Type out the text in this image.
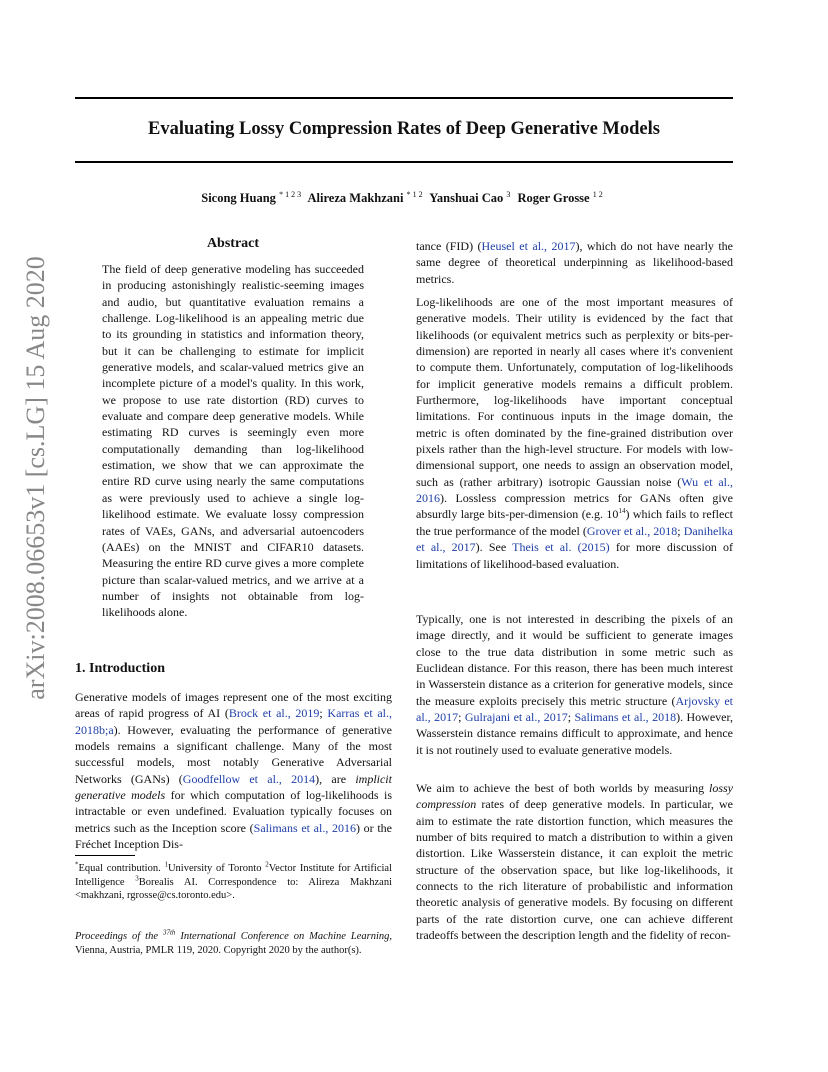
Evaluating Lossy Compression Rates of Deep Generative Models
Sicong Huang $^{* 1 2 3}$ Alireza Makhzani $^{* 1 2}$ Yanshuai Cao $^3$ Roger Grosse $^{1 2}$
arXiv:2008.06653v1 [cs.LG] 15 Aug 2020
Abstract

The field of deep generative modeling has succeeded in producing astonishingly realistic-seeming images and audio, but quantitative evaluation remains a challenge. Log-likelihood is an appealing metric due to its grounding in statistics and information theory, but it can be challenging to estimate for implicit generative models, and scalar-valued metrics give an incomplete picture of a model's quality. In this work, we propose to use rate distortion (RD) curves to evaluate and compare deep generative models. While estimating RD curves is seemingly even more computationally demanding than log-likelihood estimation, we show that we can approximate the entire RD curve using nearly the same computations as were previously used to achieve a single log-likelihood estimate. We evaluate lossy compression rates of VAEs, GANs, and adversarial autoencoders (AAEs) on the MNIST and CIFAR10 datasets. Measuring the entire RD curve gives a more complete picture than scalar-valued metrics, and we arrive at a number of insights not obtainable from log-likelihoods alone.

1. Introduction

Generative models of images represent one of the most exciting areas of rapid progress of AI (Brock et al., 2019; Karras et al., 2018b;a). However, evaluating the performance of generative models remains a significant challenge. Many of the most successful models, most notably Generative Adversarial Networks (GANs) (Goodfellow et al., 2014), are implicit generative models for which computation of log-likelihoods is intractable or even undefined. Evaluation typically focuses on metrics such as the Inception score (Salimans et al., 2016) or the Fréchet Inception Dis-

*Equal contribution. $^1$University of Toronto $^2$Vector Institute for Artificial Intelligence $^3$Borealis AI. Correspondence to: Alireza Makhzani <makhzani, rgrosse@cs.toronto.edu>.

Proceedings of the $^{37th}$ International Conference on Machine Learning, Vienna, Austria, PMLR 119, 2020. Copyright 2020 by the author(s).

tance (FID) (Heusel et al., 2017), which do not have nearly the same degree of theoretical underpinning as likelihood-based metrics.

Log-likelihoods are one of the most important measures of generative models. Their utility is evidenced by the fact that likelihoods (or equivalent metrics such as perplexity or bits-per-dimension) are reported in nearly all cases where it's convenient to compute them. Unfortunately, computation of log-likelihoods for implicit generative models remains a difficult problem. Furthermore, log-likelihoods have important conceptual limitations. For continuous inputs in the image domain, the metric is often dominated by the fine-grained distribution over pixels rather than the high-level structure. For models with low-dimensional support, one needs to assign an observation model, such as (rather arbitrary) isotropic Gaussian noise (Wu et al., 2016). Lossless compression metrics for GANs often give absurdly large bits-per-dimension (e.g. $10^{14}$) which fails to reflect the true performance of the model (Grover et al., 2018; Danihelka et al., 2017). See Theis et al. (2015) for more discussion of limitations of likelihood-based evaluation.

Typically, one is not interested in describing the pixels of an image directly, and it would be sufficient to generate images close to the true data distribution in some metric such as Euclidean distance. For this reason, there has been much interest in Wasserstein distance as a criterion for generative models, since the measure exploits precisely this metric structure (Arjovsky et al., 2017; Gulrajani et al., 2017; Salimans et al., 2018). However, Wasserstein distance remains difficult to approximate, and hence it is not routinely used to evaluate generative models.

We aim to achieve the best of both worlds by measuring lossy compression rates of deep generative models. In particular, we aim to estimate the rate distortion function, which measures the number of bits required to match a distribution to within a given distortion. Like Wasserstein distance, it can exploit the metric structure of the observation space, but like log-likelihoods, it connects to the rich literature of probabilistic and information theoretic analysis of generative models. By focusing on different parts of the rate distortion curve, one can achieve different tradeoffs between the description length and the fidelity of recon-
